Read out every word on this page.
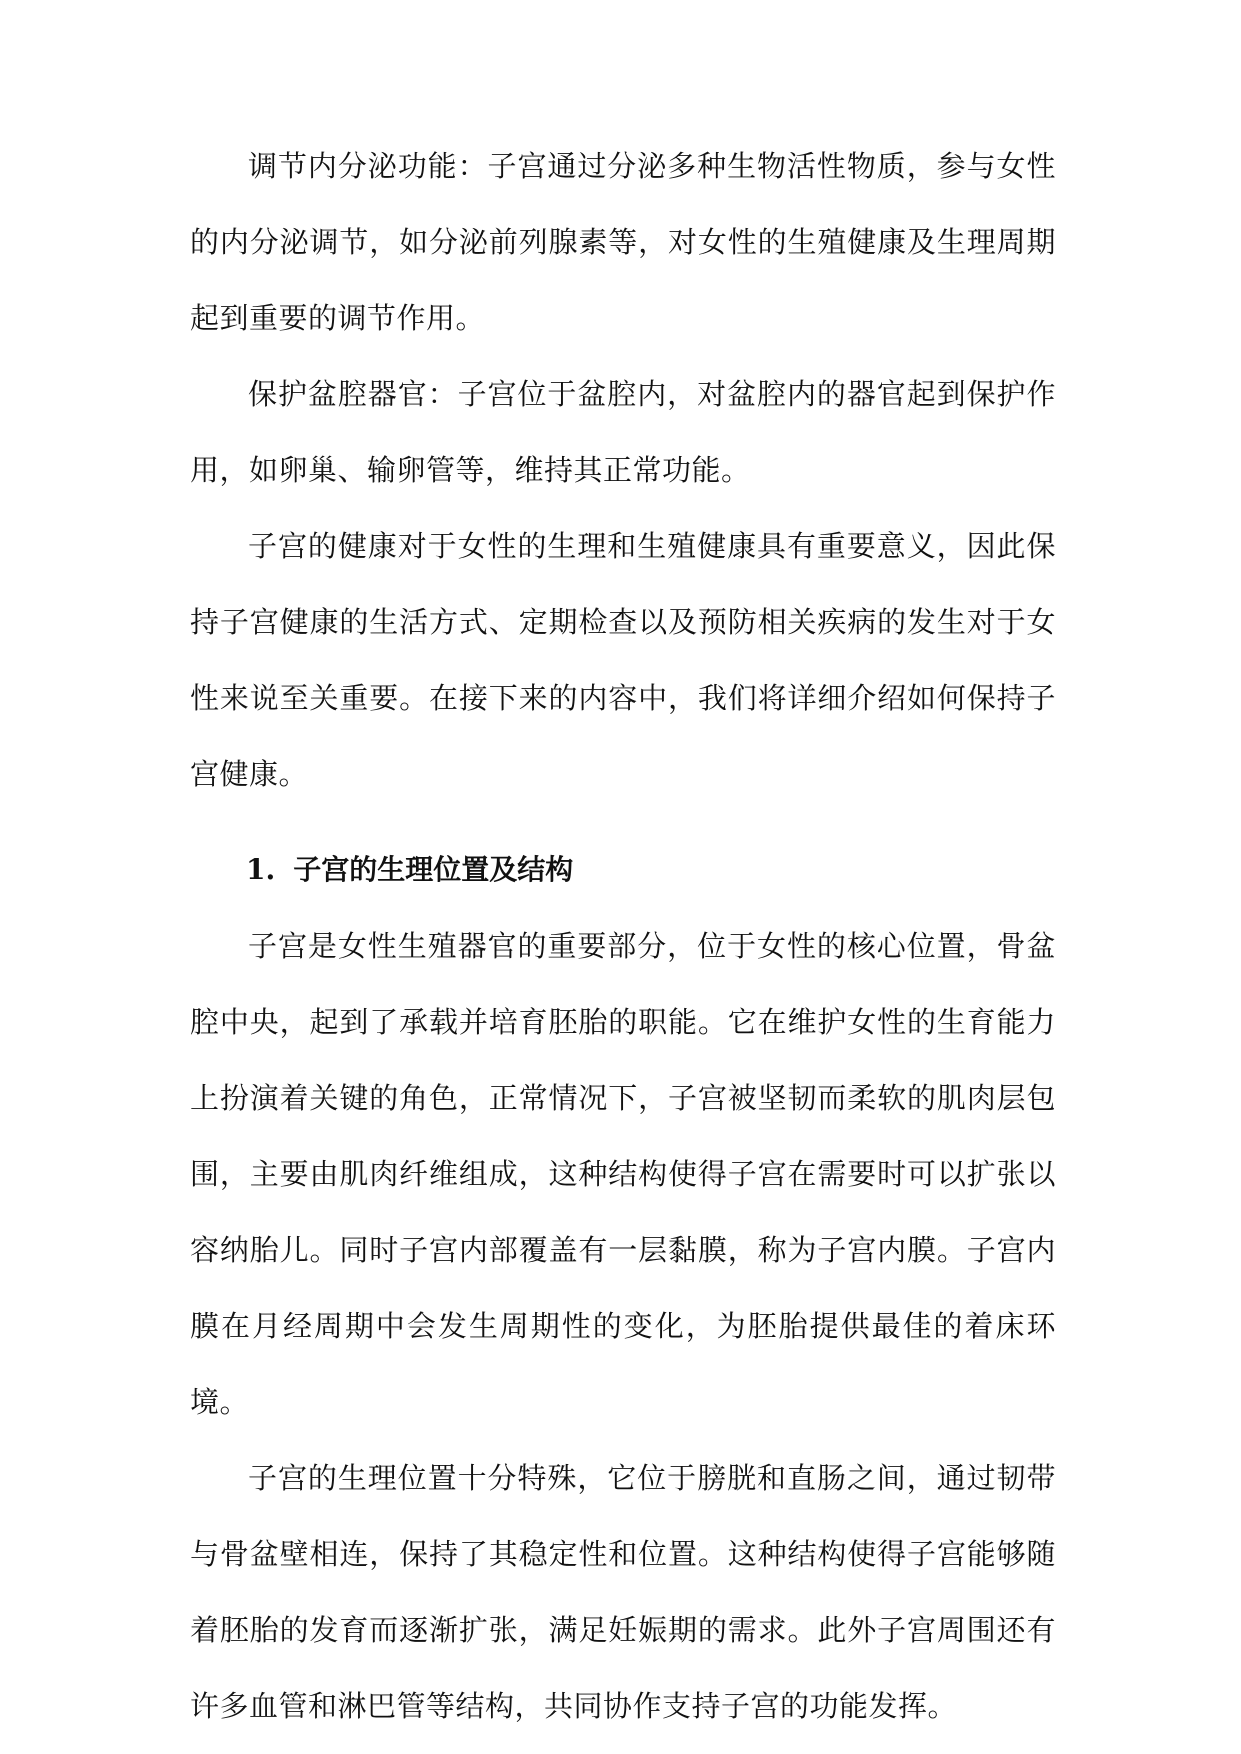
调节内分泌功能：子宫通过分泌多种生物活性物质，参与女性的内分泌调节，如分泌前列腺素等，对女性的生殖健康及生理周期起到重要的调节作用。

保护盆腔器官：子宫位于盆腔内，对盆腔内的器官起到保护作用，如卵巢、输卵管等，维持其正常功能。

子宫的健康对于女性的生理和生殖健康具有重要意义，因此保持子宫健康的生活方式、定期检查以及预防相关疾病的发生对于女性来说至关重要。在接下来的内容中，我们将详细介绍如何保持子宫健康。

1. 子宫的生理位置及结构

子宫是女性生殖器官的重要部分，位于女性的核心位置，骨盆腔中央，起到了承载并培育胚胎的职能。它在维护女性的生育能力上扮演着关键的角色，正常情况下，子宫被坚韧而柔软的肌肉层包围，主要由肌肉纤维组成，这种结构使得子宫在需要时可以扩张以容纳胎儿。同时子宫内部覆盖有一层黏膜，称为子宫内膜。子宫内膜在月经周期中会发生周期性的变化，为胚胎提供最佳的着床环境。

子宫的生理位置十分特殊，它位于膀胱和直肠之间，通过韧带与骨盆壁相连，保持了其稳定性和位置。这种结构使得子宫能够随着胚胎的发育而逐渐扩张，满足妊娠期的需求。此外子宫周围还有许多血管和淋巴管等结构，共同协作支持子宫的功能发挥。
